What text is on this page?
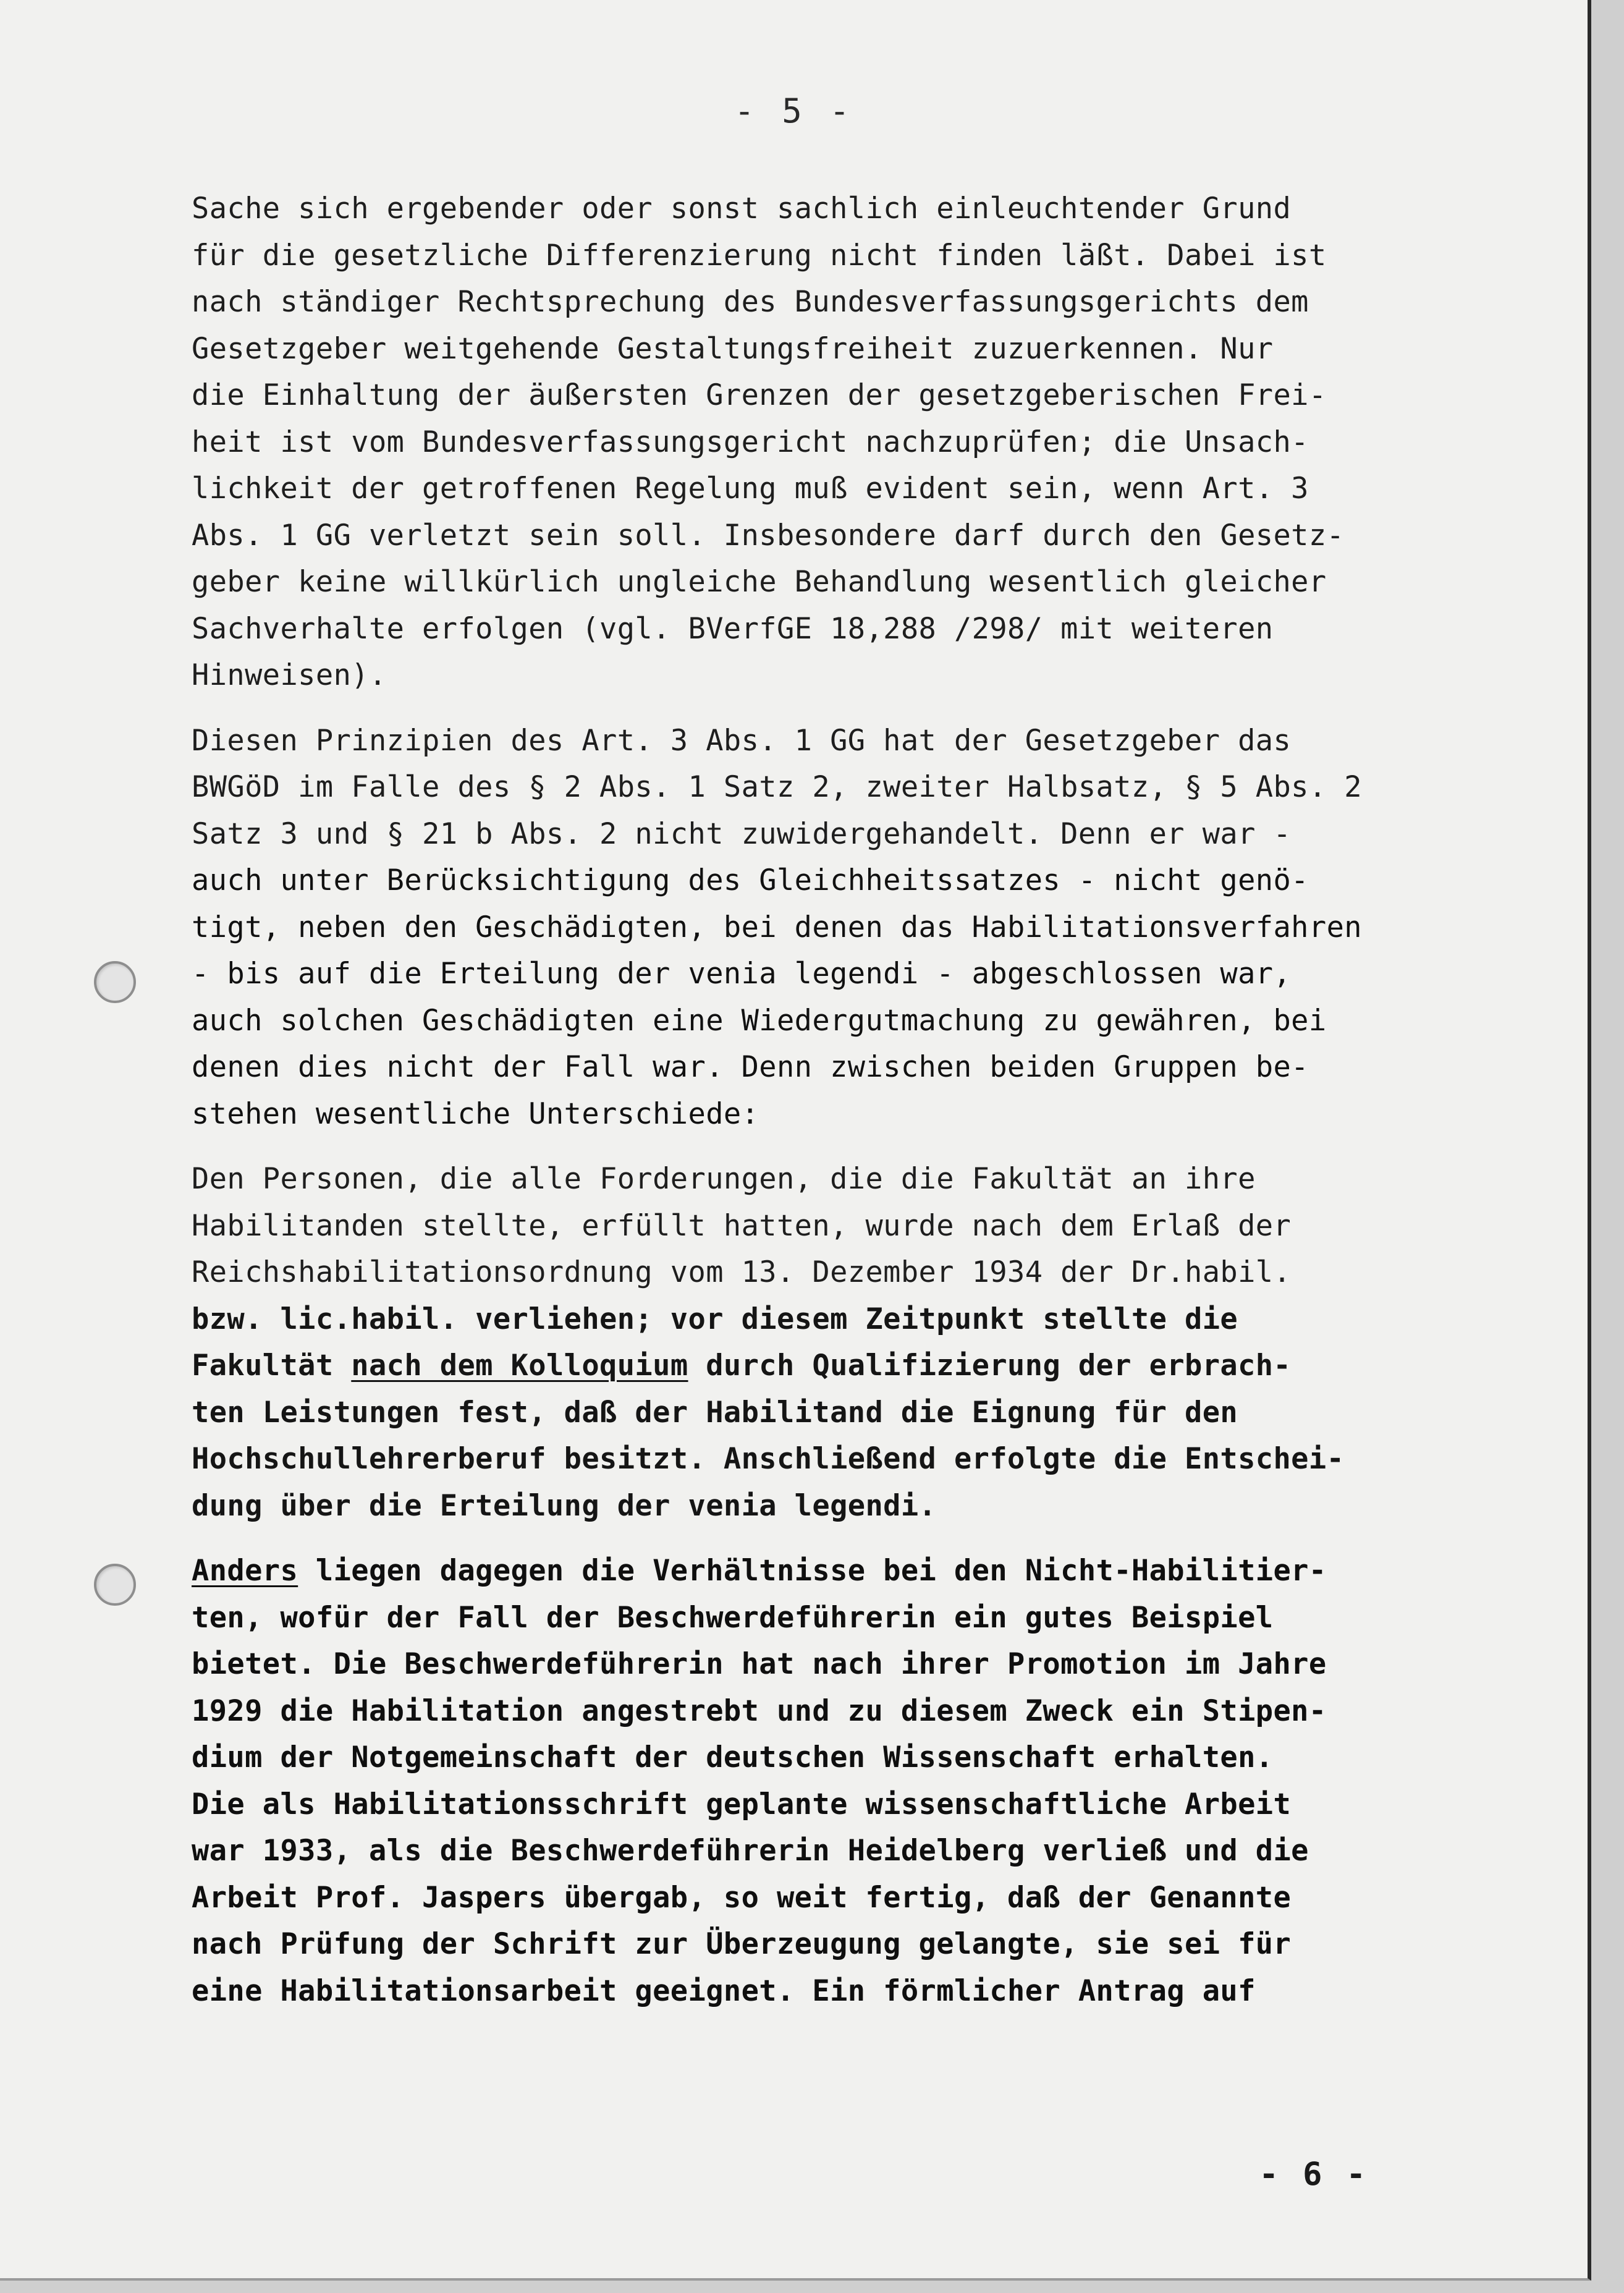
- 5 -
Sache sich ergebender oder sonst sachlich einleuchtender Grund
für die gesetzliche Differenzierung nicht finden läßt. Dabei ist
nach ständiger Rechtsprechung des Bundesverfassungsgerichts dem
Gesetzgeber weitgehende Gestaltungsfreiheit zuzuerkennen. Nur
die Einhaltung der äußersten Grenzen der gesetzgeberischen Frei-
heit ist vom Bundesverfassungsgericht nachzuprüfen; die Unsach-
lichkeit der getroffenen Regelung muß evident sein, wenn Art. 3
Abs. 1 GG verletzt sein soll. Insbesondere darf durch den Gesetz-
geber keine willkürlich ungleiche Behandlung wesentlich gleicher
Sachverhalte erfolgen (vgl. BVerfGE 18,288 /298/ mit weiteren
Hinweisen).
Diesen Prinzipien des Art. 3 Abs. 1 GG hat der Gesetzgeber das
BWGöD im Falle des § 2 Abs. 1 Satz 2, zweiter Halbsatz, § 5 Abs. 2
Satz 3 und § 21 b Abs. 2 nicht zuwidergehandelt. Denn er war -
auch unter Berücksichtigung des Gleichheitssatzes - nicht genö-
tigt, neben den Geschädigten, bei denen das Habilitationsverfahren
- bis auf die Erteilung der venia legendi - abgeschlossen war,
auch solchen Geschädigten eine Wiedergutmachung zu gewähren, bei
denen dies nicht der Fall war. Denn zwischen beiden Gruppen be-
stehen wesentliche Unterschiede:
Den Personen, die alle Forderungen, die die Fakultät an ihre
Habilitanden stellte, erfüllt hatten, wurde nach dem Erlaß der
Reichshabilitationsordnung vom 13. Dezember 1934 der Dr.habil.
bzw. lic.habil. verliehen; vor diesem Zeitpunkt stellte die
Fakultät nach dem Kolloquium durch Qualifizierung der erbrach-
ten Leistungen fest, daß der Habilitand die Eignung für den
Hochschullehrerberuf besitzt. Anschließend erfolgte die Entschei-
dung über die Erteilung der venia legendi.
Anders liegen dagegen die Verhältnisse bei den Nicht-Habilitier-
ten, wofür der Fall der Beschwerdeführerin ein gutes Beispiel
bietet. Die Beschwerdeführerin hat nach ihrer Promotion im Jahre
1929 die Habilitation angestrebt und zu diesem Zweck ein Stipen-
dium der Notgemeinschaft der deutschen Wissenschaft erhalten.
Die als Habilitationsschrift geplante wissenschaftliche Arbeit
war 1933, als die Beschwerdeführerin Heidelberg verließ und die
Arbeit Prof. Jaspers übergab, so weit fertig, daß der Genannte
nach Prüfung der Schrift zur Überzeugung gelangte, sie sei für
eine Habilitationsarbeit geeignet. Ein förmlicher Antrag auf
- 6 -
